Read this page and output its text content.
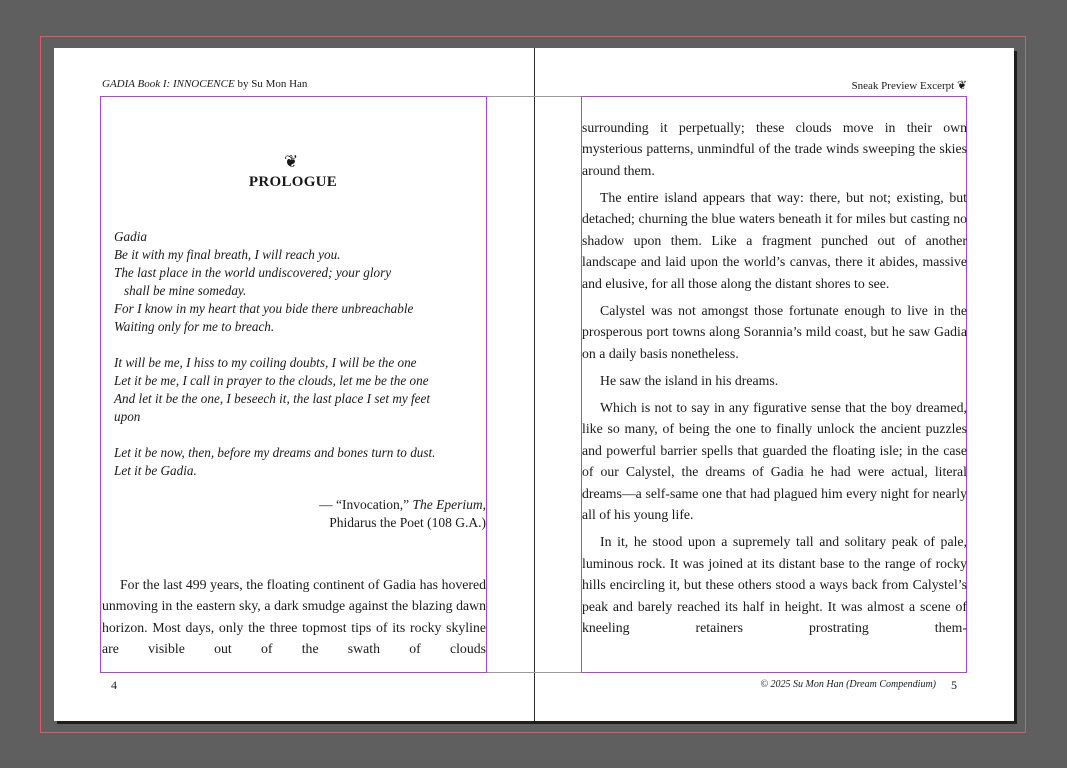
GADIA Book I: INNOCENCE by Su Mon Han	Sneak Preview Excerpt ❦
❦
PROLOGUE
Gadia
Be it with my final breath, I will reach you.
The last place in the world undiscovered; your glory
shall be mine someday.
For I know in my heart that you bide there unbreachable
Waiting only for me to breach.
It will be me, I hiss to my coiling doubts, I will be the one
Let it be me, I call in prayer to the clouds, let me be the one
And let it be the one, I beseech it, the last place I set my feet
upon
Let it be now, then, before my dreams and bones turn to dust.
Let it be Gadia.
— “Invocation,” The Eperium,
Phidarus the Poet (108 G.A.)

For the last 499 years, the floating continent of Gadia has hovered unmoving in the eastern sky, a dark smudge against the blazing dawn horizon. Most days, only the three topmost tips of its rocky skyline are visible out of the swath of clouds

surrounding it perpetually; these clouds move in their own mysterious patterns, unmindful of the trade winds sweeping the skies around them.

The entire island appears that way: there, but not; existing, but detached; churning the blue waters beneath it for miles but casting no shadow upon them. Like a fragment punched out of another landscape and laid upon the world’s canvas, there it abides, massive and elusive, for all those along the distant shores to see.

Calystel was not amongst those fortunate enough to live in the prosperous port towns along Sorannia’s mild coast, but he saw Gadia on a daily basis nonetheless.

He saw the island in his dreams.

Which is not to say in any figurative sense that the boy dreamed, like so many, of being the one to finally unlock the ancient puzzles and powerful barrier spells that guarded the floating isle; in the case of our Calystel, the dreams of Gadia he had were actual, literal dreams—a self-same one that had plagued him every night for nearly all of his young life.

In it, he stood upon a supremely tall and solitary peak of pale, luminous rock. It was joined at its distant base to the range of rocky hills encircling it, but these others stood a ways back from Calystel’s peak and barely reached its half in height. It was almost a scene of kneeling retainers prostrating them-

4	© 2025 Su Mon Han (Dream Compendium) 5
